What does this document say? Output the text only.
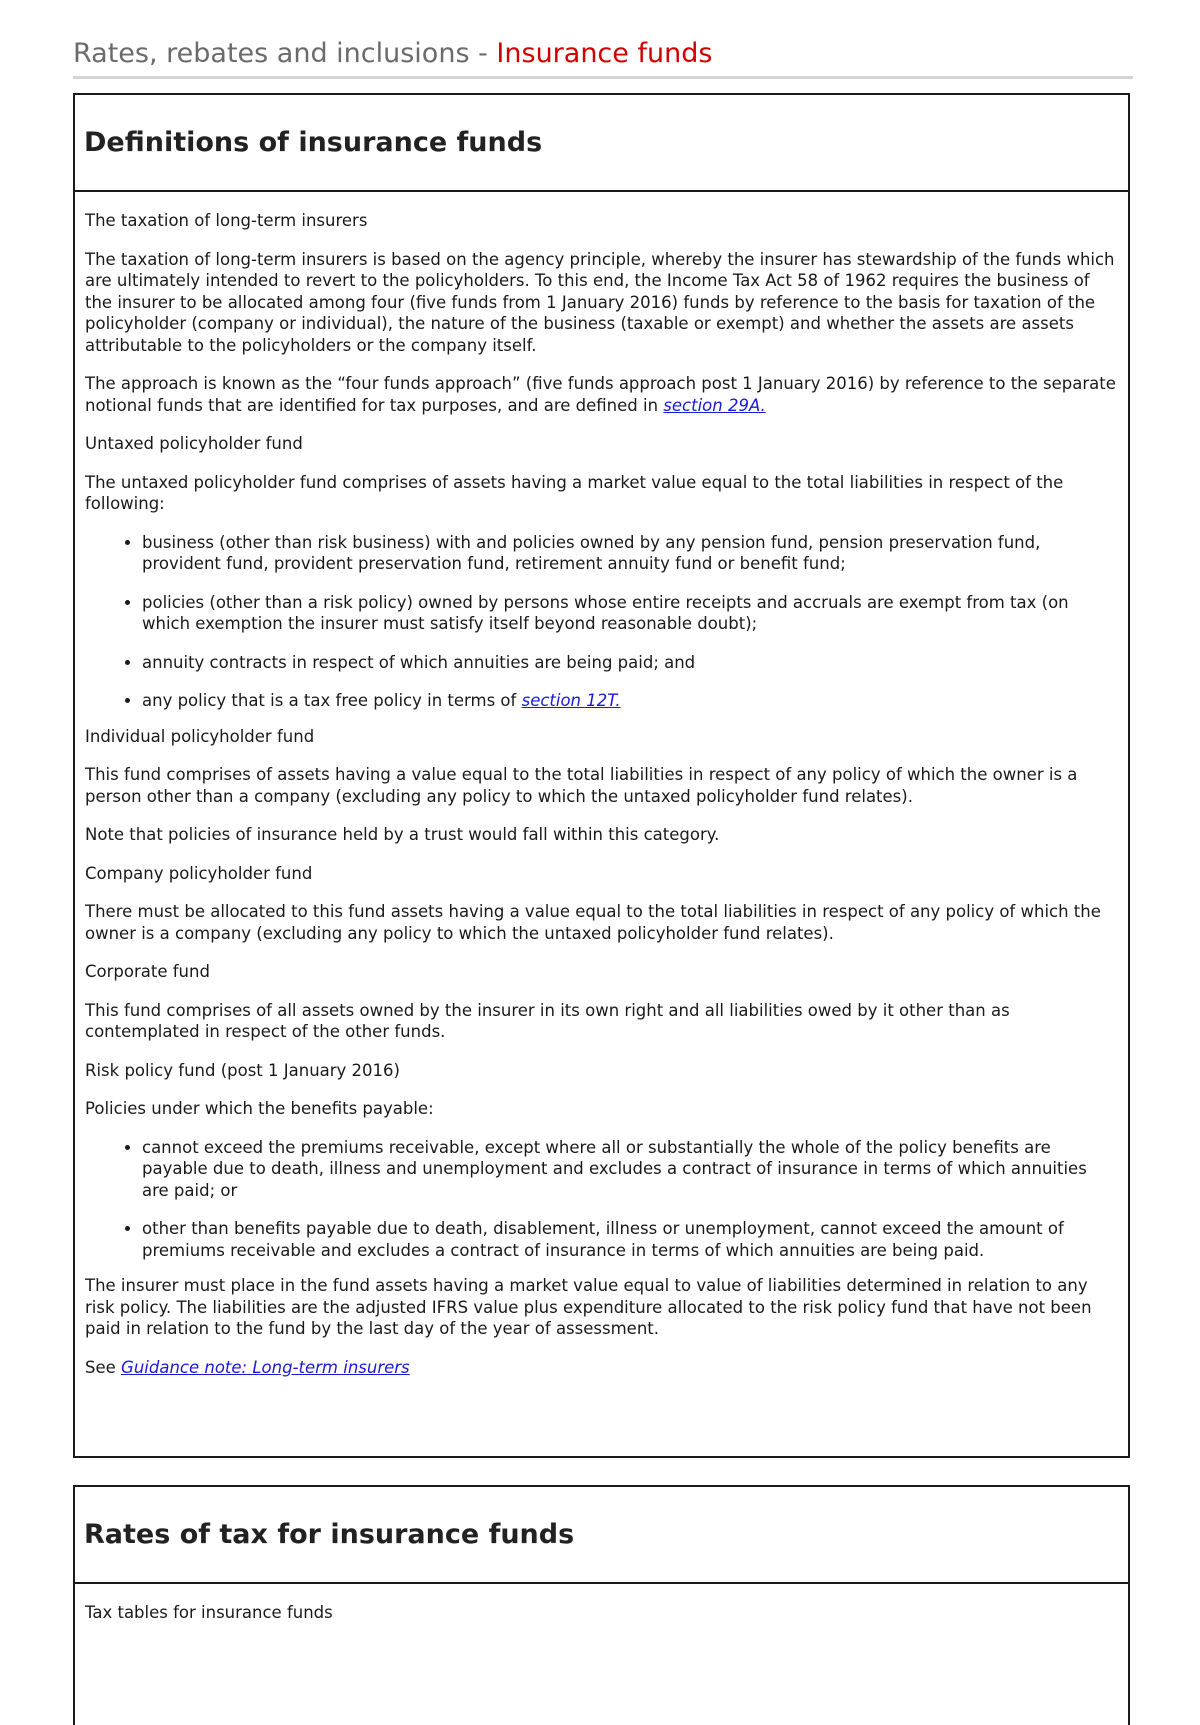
Rates, rebates and inclusions - Insurance funds
Definitions of insurance funds

The taxation of long-term insurers

The taxation of long-term insurers is based on the agency principle, whereby the insurer has stewardship of the funds which are ultimately intended to revert to the policyholders. To this end, the Income Tax Act 58 of 1962 requires the business of the insurer to be allocated among four (five funds from 1 January 2016) funds by reference to the basis for taxation of the policyholder (company or individual), the nature of the business (taxable or exempt) and whether the assets are assets attributable to the policyholders or the company itself.

The approach is known as the “four funds approach” (five funds approach post 1 January 2016) by reference to the separate notional funds that are identified for tax purposes, and are defined in section 29A.

Untaxed policyholder fund

The untaxed policyholder fund comprises of assets having a market value equal to the total liabilities in respect of the following:

• business (other than risk business) with and policies owned by any pension fund, pension preservation fund, provident fund, provident preservation fund, retirement annuity fund or benefit fund;
• policies (other than a risk policy) owned by persons whose entire receipts and accruals are exempt from tax (on which exemption the insurer must satisfy itself beyond reasonable doubt);
• annuity contracts in respect of which annuities are being paid; and
• any policy that is a tax free policy in terms of section 12T.

Individual policyholder fund

This fund comprises of assets having a value equal to the total liabilities in respect of any policy of which the owner is a person other than a company (excluding any policy to which the untaxed policyholder fund relates).

Note that policies of insurance held by a trust would fall within this category.

Company policyholder fund

There must be allocated to this fund assets having a value equal to the total liabilities in respect of any policy of which the owner is a company (excluding any policy to which the untaxed policyholder fund relates).

Corporate fund

This fund comprises of all assets owned by the insurer in its own right and all liabilities owed by it other than as contemplated in respect of the other funds.

Risk policy fund (post 1 January 2016)

Policies under which the benefits payable:

• cannot exceed the premiums receivable, except where all or substantially the whole of the policy benefits are payable due to death, illness and unemployment and excludes a contract of insurance in terms of which annuities are paid; or
• other than benefits payable due to death, disablement, illness or unemployment, cannot exceed the amount of premiums receivable and excludes a contract of insurance in terms of which annuities are being paid.

The insurer must place in the fund assets having a market value equal to value of liabilities determined in relation to any risk policy. The liabilities are the adjusted IFRS value plus expenditure allocated to the risk policy fund that have not been paid in relation to the fund by the last day of the year of assessment.

See Guidance note: Long-term insurers

Rates of tax for insurance funds

Tax tables for insurance funds
